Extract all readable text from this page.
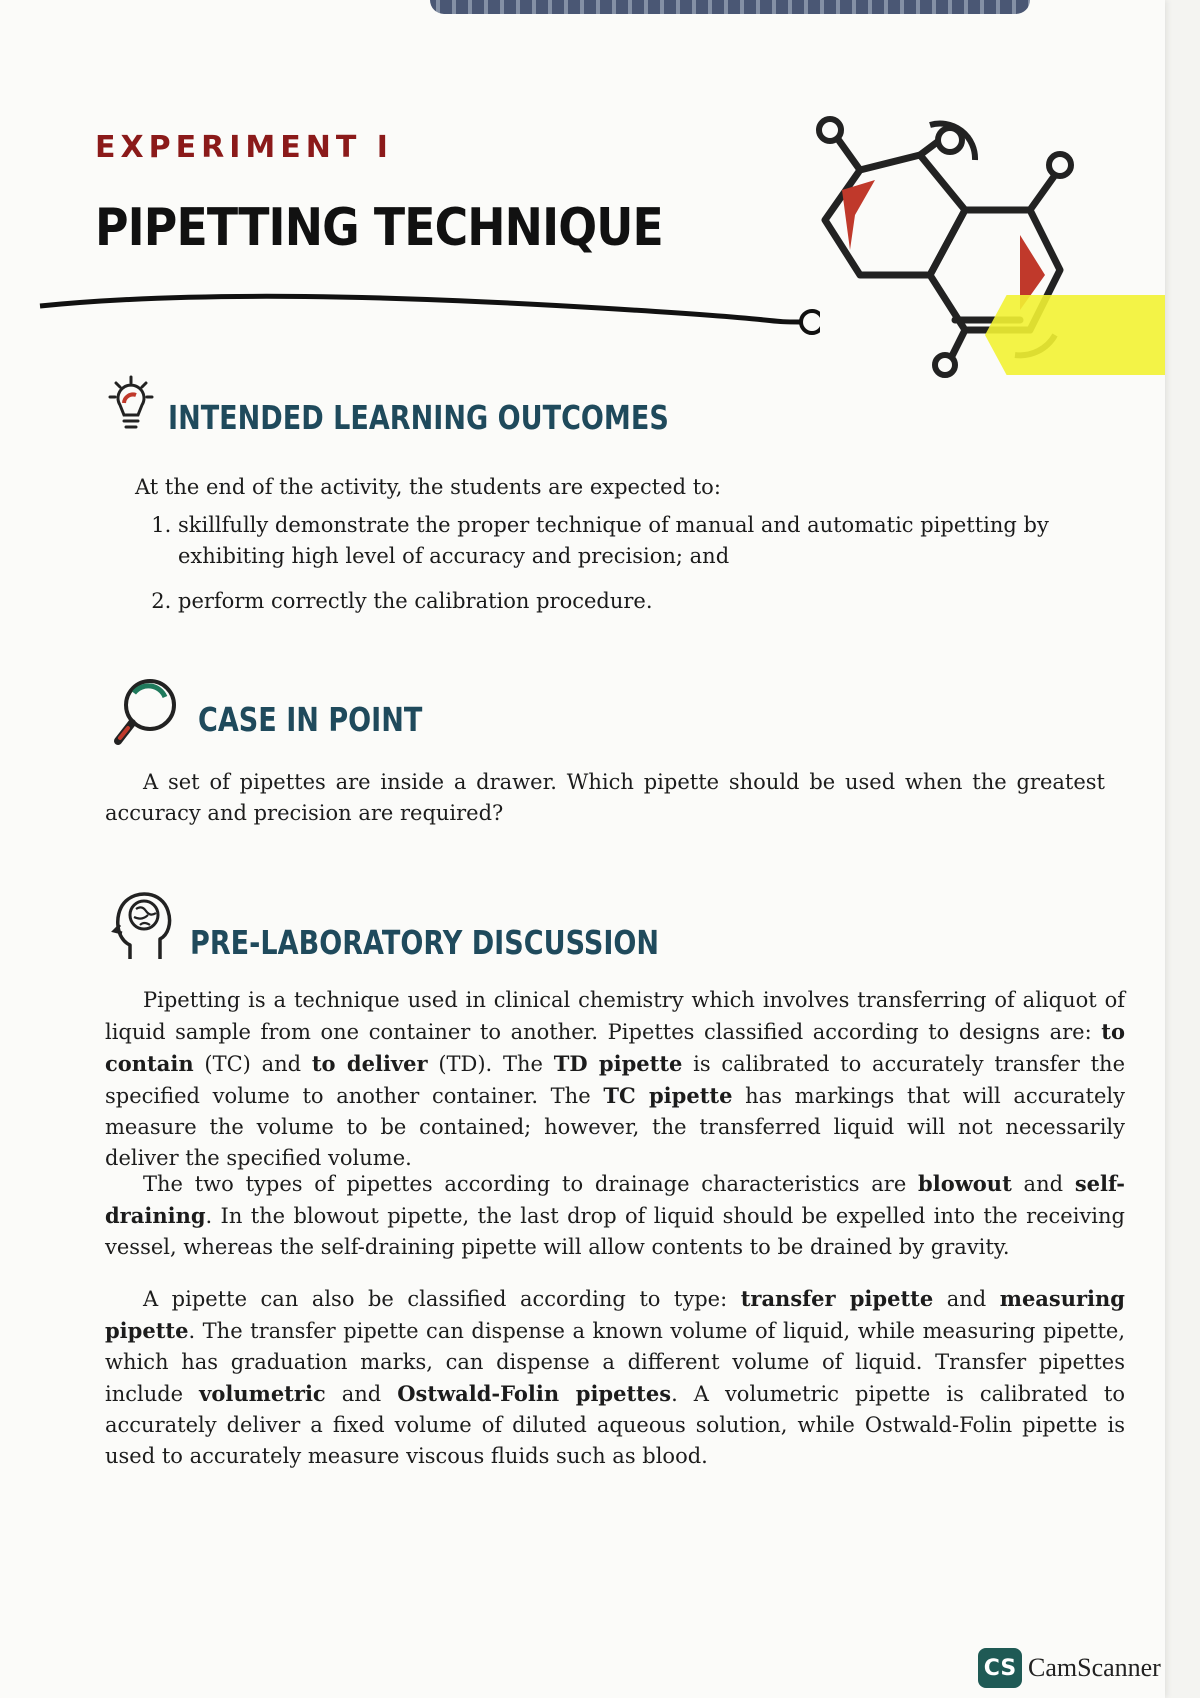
EXPERIMENT I
PIPETTING TECHNIQUE
INTENDED LEARNING OUTCOMES
At the end of the activity, the students are expected to:
1. skillfully demonstrate the proper technique of manual and automatic pipetting by exhibiting high level of accuracy and precision; and
2. perform correctly the calibration procedure.
CASE IN POINT
A set of pipettes are inside a drawer. Which pipette should be used when the greatest accuracy and precision are required?
PRE-LABORATORY DISCUSSION
Pipetting is a technique used in clinical chemistry which involves transferring of aliquot of liquid sample from one container to another. Pipettes classified according to designs are: to contain (TC) and to deliver (TD). The TD pipette is calibrated to accurately transfer the specified volume to another container. The TC pipette has markings that will accurately measure the volume to be contained; however, the transferred liquid will not necessarily deliver the specified volume.
The two types of pipettes according to drainage characteristics are blowout and self-draining. In the blowout pipette, the last drop of liquid should be expelled into the receiving vessel, whereas the self-draining pipette will allow contents to be drained by gravity.
A pipette can also be classified according to type: transfer pipette and measuring pipette. The transfer pipette can dispense a known volume of liquid, while measuring pipette, which has graduation marks, can dispense a different volume of liquid. Transfer pipettes include volumetric and Ostwald-Folin pipettes. A volumetric pipette is calibrated to accurately deliver a fixed volume of diluted aqueous solution, while Ostwald-Folin pipette is used to accurately measure viscous fluids such as blood.
CS CamScanner
